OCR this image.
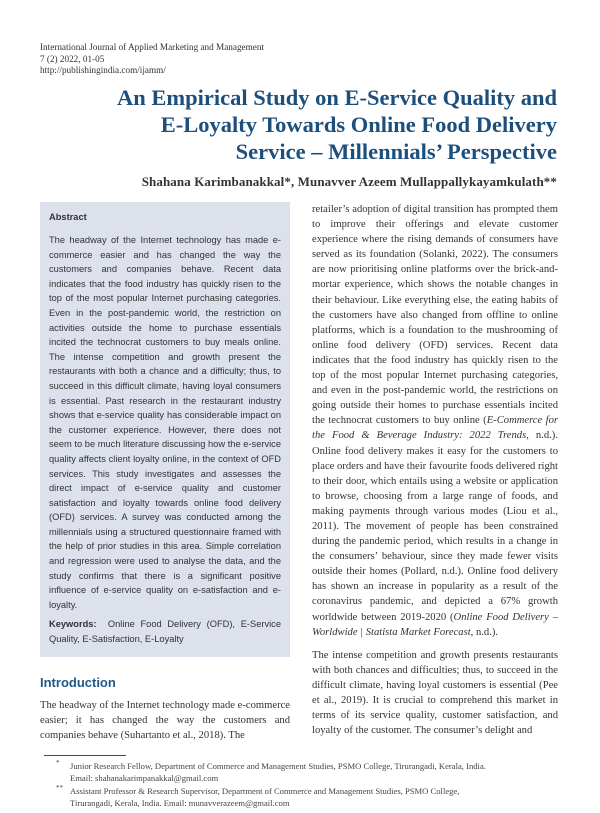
International Journal of Applied Marketing and Management
7 (2) 2022, 01-05
http://publishingindia.com/ijamm/
An Empirical Study on E-Service Quality and
E-Loyalty Towards Online Food Delivery
Service – Millennials’ Perspective
Shahana Karimbanakkal*, Munavver Azeem Mullappallykayamkulath**
Abstract

The headway of the Internet technology has made e-commerce easier and has changed the way the customers and companies behave. Recent data indicates that the food industry has quickly risen to the top of the most popular Internet purchasing categories. Even in the post-pandemic world, the restriction on activities outside the home to purchase essentials incited the technocrat customers to buy meals online. The intense competition and growth present the restaurants with both a chance and a difficulty; thus, to succeed in this difficult climate, having loyal consumers is essential. Past research in the restaurant industry shows that e-service quality has considerable impact on the customer experience. However, there does not seem to be much literature discussing how the e-service quality affects client loyalty online, in the context of OFD services. This study investigates and assesses the direct impact of e-service quality and customer satisfaction and loyalty towards online food delivery (OFD) services. A survey was conducted among the millennials using a structured questionnaire framed with the help of prior studies in this area. Simple correlation and regression were used to analyse the data, and the study confirms that there is a significant positive influence of e-service quality on e-satisfaction and e-loyalty.

Keywords: Online Food Delivery (OFD), E-Service Quality, E-Satisfaction, E-Loyalty

Introduction

The headway of the Internet technology made e-commerce easier; it has changed the way the customers and companies behave (Suhartanto et al., 2018). The

retailer’s adoption of digital transition has prompted them to improve their offerings and elevate customer experience where the rising demands of consumers have served as its foundation (Solanki, 2022). The consumers are now prioritising online platforms over the brick-and-mortar experience, which shows the notable changes in their behaviour. Like everything else, the eating habits of the customers have also changed from offline to online platforms, which is a foundation to the mushrooming of online food delivery (OFD) services. Recent data indicates that the food industry has quickly risen to the top of the most popular Internet purchasing categories, and even in the post-pandemic world, the restrictions on going outside their homes to purchase essentials incited the technocrat customers to buy online (E-Commerce for the Food & Beverage Industry: 2022 Trends, n.d.). Online food delivery makes it easy for the customers to place orders and have their favourite foods delivered right to their door, which entails using a website or application to browse, choosing from a large range of foods, and making payments through various modes (Liou et al., 2011). The movement of people has been constrained during the pandemic period, which results in a change in the consumers’ behaviour, since they made fewer visits outside their homes (Pollard, n.d.). Online food delivery has shown an increase in popularity as a result of the coronavirus pandemic, and depicted a 67% growth worldwide between 2019-2020 (Online Food Delivery – Worldwide | Statista Market Forecast, n.d.).

The intense competition and growth presents restaurants with both chances and difficulties; thus, to succeed in the difficult climate, having loyal customers is essential (Pee et al., 2019). It is crucial to comprehend this market in terms of its service quality, customer satisfaction, and loyalty of the customer. The consumer’s delight and

* Junior Research Fellow, Department of Commerce and Management Studies, PSMO College, Tirurangadi, Kerala, India.
Email: shahanakarimpanakkal@gmail.com
** Assistant Professor & Research Supervisor, Department of Commerce and Management Studies, PSMO College,
Tirurangadi, Kerala, India. Email: munavverazeem@gmail.com
